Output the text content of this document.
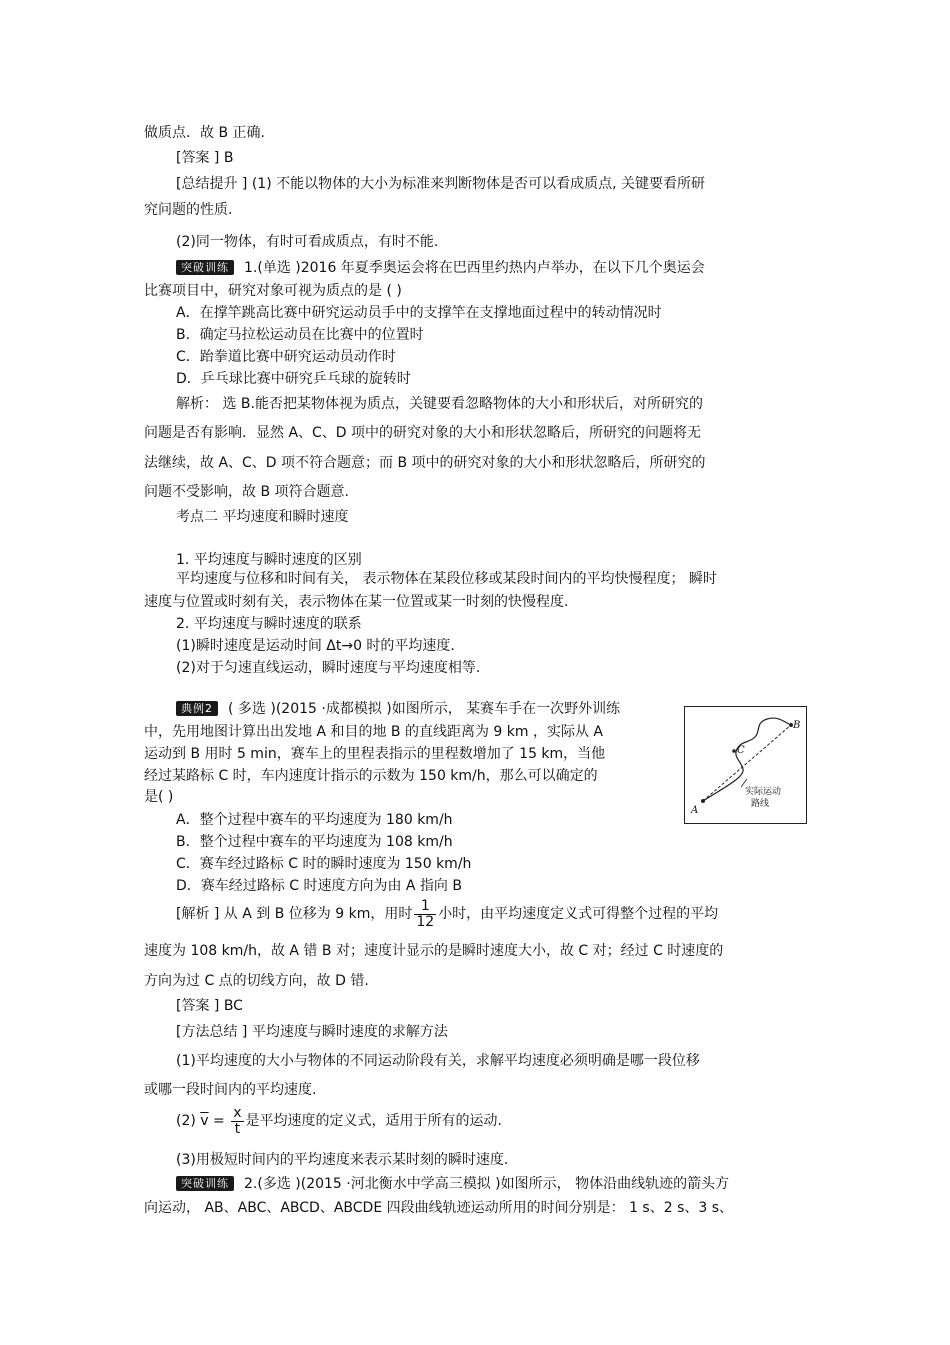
做质点．故 B 正确.
[答案 ] B
[总结提升 ] (1) 不能以物体的大小为标准来判断物体是否可以看成质点, 关键要看所研
究问题的性质.
(2)同一物体，有时可看成质点，有时不能.
突破训练 1.(单选 )2016 年夏季奥运会将在巴西里约热内卢举办，在以下几个奥运会
比赛项目中，研究对象可视为质点的是 ( )
A．在撑竿跳高比赛中研究运动员手中的支撑竿在支撑地面过程中的转动情况时
B．确定马拉松运动员在比赛中的位置时
C．跆拳道比赛中研究运动员动作时
D．乒乓球比赛中研究乒乓球的旋转时
解析： 选 B.能否把某物体视为质点，关键要看忽略物体的大小和形状后，对所研究的
问题是否有影响．显然 A、C、D 项中的研究对象的大小和形状忽略后，所研究的问题将无
法继续，故 A、C、D 项不符合题意；而 B 项中的研究对象的大小和形状忽略后，所研究的
问题不受影响，故 B 项符合题意.
考点二 平均速度和瞬时速度
1. 平均速度与瞬时速度的区别
平均速度与位移和时间有关， 表示物体在某段位移或某段时间内的平均快慢程度； 瞬时
速度与位置或时刻有关，表示物体在某一位置或某一时刻的快慢程度.
2. 平均速度与瞬时速度的联系
(1)瞬时速度是运动时间 Δt→0 时的平均速度.
(2)对于匀速直线运动，瞬时速度与平均速度相等.
典例2 ( 多选 )(2015 ·成都模拟 )如图所示， 某赛车手在一次野外训练
中，先用地图计算出出发地 A 和目的地 B 的直线距离为 9 km ，实际从 A
运动到 B 用时 5 min，赛车上的里程表指示的里程数增加了 15 km，当他
经过某路标 C 时，车内速度计指示的示数为 150 km/h，那么可以确定的
是( )
A
B
C
实际运动
路线
A．整个过程中赛车的平均速度为 180 km/h
B．整个过程中赛车的平均速度为 108 km/h
C．赛车经过路标 C 时的瞬时速度为 150 km/h
D．赛车经过路标 C 时速度方向为由 A 指向 B
[解析 ] 从 A 到 B 位移为 9 km，用时 $\frac{1}{12}$ 小时，由平均速度定义式可得整个过程的平均
速度为 108 km/h，故 A 错 B 对；速度计显示的是瞬时速度大小，故 C 对；经过 C 时速度的
方向为过 C 点的切线方向，故 D 错.
[答案 ] BC
[方法总结 ] 平均速度与瞬时速度的求解方法
(1)平均速度的大小与物体的不同运动阶段有关，求解平均速度必须明确是哪一段位移
或哪一段时间内的平均速度.
(2) $\overline{v} = \frac{x}{t}$ 是平均速度的定义式，适用于所有的运动.
(3)用极短时间内的平均速度来表示某时刻的瞬时速度.
突破训练 2.(多选 )(2015 ·河北衡水中学高三模拟 )如图所示， 物体沿曲线轨迹的箭头方
向运动， AB、ABC、ABCD、ABCDE 四段曲线轨迹运动所用的时间分别是： 1 s、2 s、3 s、
